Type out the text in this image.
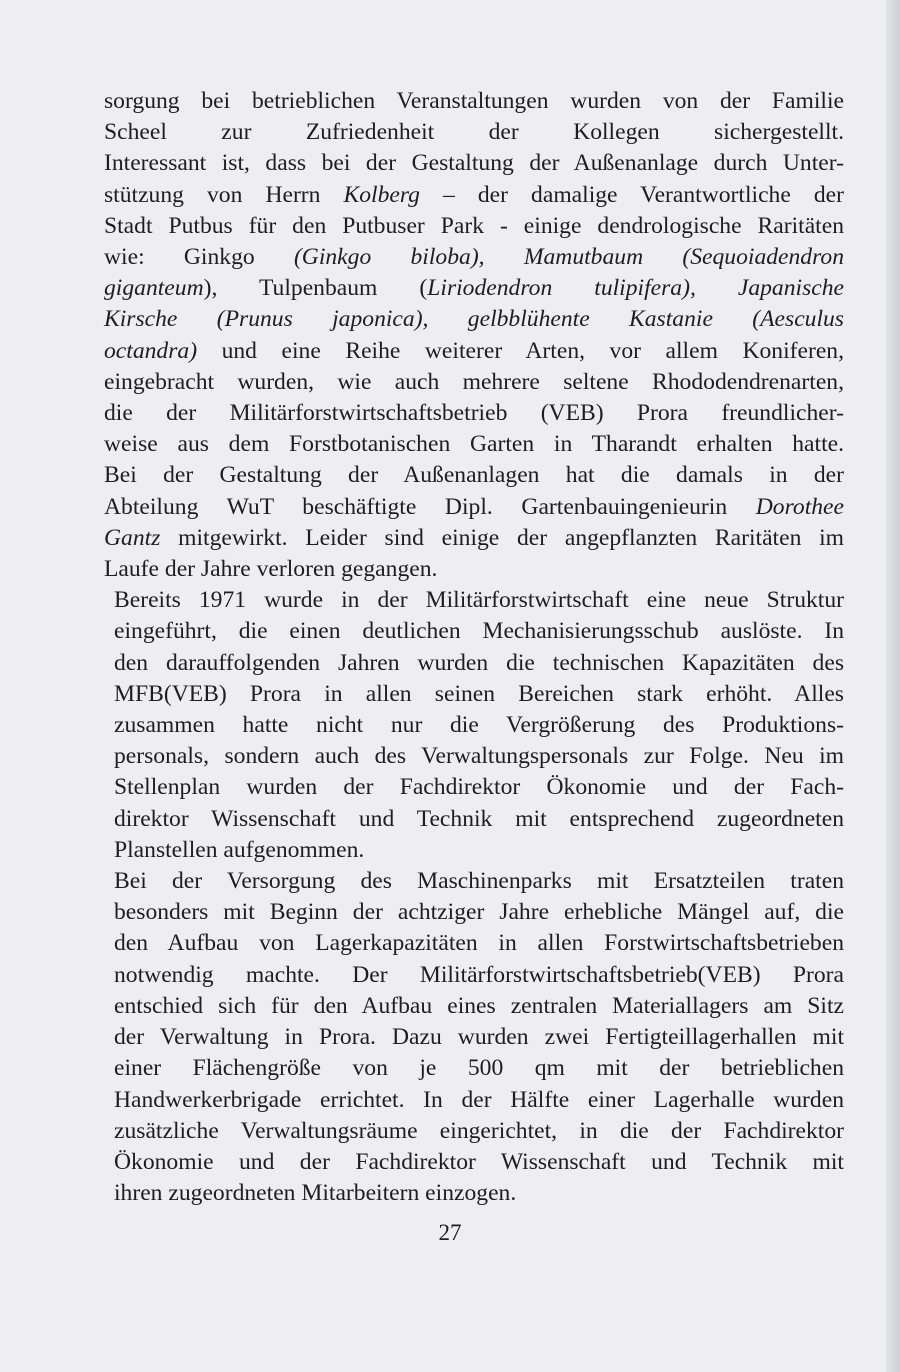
sorgung bei betrieblichen Veranstaltungen wurden von der Familie
Scheel zur Zufriedenheit der Kollegen sichergestellt.
Interessant ist, dass bei der Gestaltung der Außenanlage durch Unter-
stützung von Herrn Kolberg – der damalige Verantwortliche der
Stadt Putbus für den Putbuser Park - einige dendrologische Raritäten
wie: Ginkgo (Ginkgo biloba), Mamutbaum (Sequoiadendron
giganteum), Tulpenbaum (Liriodendron tulipifera), Japanische
Kirsche (Prunus japonica), gelbblühente Kastanie (Aesculus
octandra) und eine Reihe weiterer Arten, vor allem Koniferen,
eingebracht wurden, wie auch mehrere seltene Rhododendrenarten,
die der Militärforstwirtschaftsbetrieb (VEB) Prora freundlicher-
weise aus dem Forstbotanischen Garten in Tharandt erhalten hatte.
Bei der Gestaltung der Außenanlagen hat die damals in der
Abteilung WuT beschäftigte Dipl. Gartenbauingenieurin Dorothee
Gantz mitgewirkt. Leider sind einige der angepflanzten Raritäten im
Laufe der Jahre verloren gegangen.

Bereits 1971 wurde in der Militärforstwirtschaft eine neue Struktur
eingeführt, die einen deutlichen Mechanisierungsschub auslöste. In
den darauffolgenden Jahren wurden die technischen Kapazitäten des
MFB(VEB) Prora in allen seinen Bereichen stark erhöht. Alles
zusammen hatte nicht nur die Vergrößerung des Produktions-
personals, sondern auch des Verwaltungspersonals zur Folge. Neu im
Stellenplan wurden der Fachdirektor Ökonomie und der Fach-
direktor Wissenschaft und Technik mit entsprechend zugeordneten
Planstellen aufgenommen.

Bei der Versorgung des Maschinenparks mit Ersatzteilen traten
besonders mit Beginn der achtziger Jahre erhebliche Mängel auf, die
den Aufbau von Lagerkapazitäten in allen Forstwirtschaftsbetrieben
notwendig machte. Der Militärforstwirtschaftsbetrieb(VEB) Prora
entschied sich für den Aufbau eines zentralen Materiallagers am Sitz
der Verwaltung in Prora. Dazu wurden zwei Fertigteillagerhallen mit
einer Flächengröße von je 500 qm mit der betrieblichen
Handwerkerbrigade errichtet. In der Hälfte einer Lagerhalle wurden
zusätzliche Verwaltungsräume eingerichtet, in die der Fachdirektor
Ökonomie und der Fachdirektor Wissenschaft und Technik mit
ihren zugeordneten Mitarbeitern einzogen.

27
